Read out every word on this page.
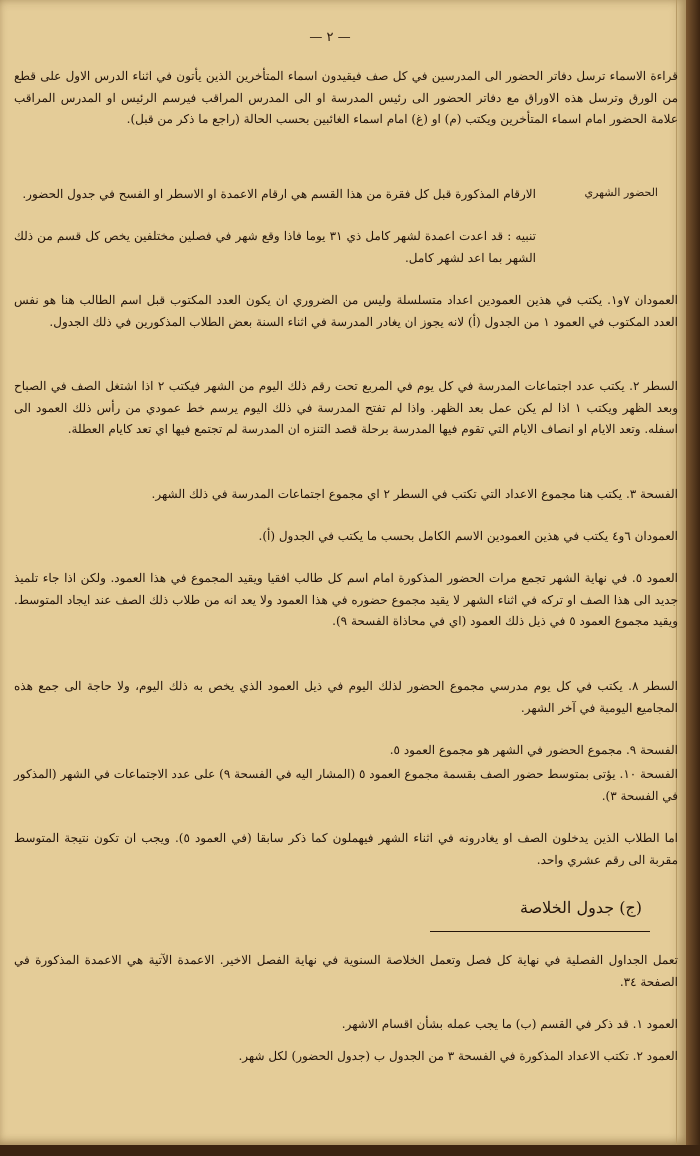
— ٢ —
قراءة الاسماء ترسل دفاتر الحضور الى المدرسين في كل صف فيقيدون اسماء المتأخرين الذين يأتون في اثناء الدرس الاول على قطع من الورق وترسل هذه الاوراق مع دفاتر الحضور الى رئيس المدرسة او الى المدرس المراقب فيرسم الرئيس او المدرس المراقب علامة الحضور امام اسماء المتأخرين ويكتب (م) او (غ) امام اسماء الغائبين بحسب الحالة (راجع ما ذكر من قبل).
الحضور الشهري
الارقام المذكورة قبل كل فقرة من هذا القسم هي ارقام الاعمدة او الاسطر او الفسح في جدول الحضور.
تنبيه : قد اعدت اعمدة لشهر كامل ذي ٣١ يوما فاذا وقع شهر في فصلين مختلفين يخص كل قسم من ذلك الشهر بما اعد لشهر كامل.
العمودان ٧و١. يكتب في هذين العمودين اعداد متسلسلة وليس من الضروري ان يكون العدد المكتوب قبل اسم الطالب هنا هو نفس العدد المكتوب في العمود ١ من الجدول (أ) لانه يجوز ان يغادر المدرسة في اثناء السنة بعض الطلاب المذكورين في ذلك الجدول.
السطر ٢. يكتب عدد اجتماعات المدرسة في كل يوم في المربع تحت رقم ذلك اليوم من الشهر فيكتب ٢ اذا اشتغل الصف في الصباح وبعد الظهر ويكتب ١ اذا لم يكن عمل بعد الظهر. واذا لم تفتح المدرسة في ذلك اليوم يرسم خط عمودي من رأس ذلك العمود الى اسفله. وتعد الايام او انصاف الايام التي تقوم فيها المدرسة برحلة قصد التنزه ان المدرسة لم تجتمع فيها اي تعد كايام العطلة.
الفسحة ٣. يكتب هنا مجموع الاعداد التي تكتب في السطر ٢ اي مجموع اجتماعات المدرسة في ذلك الشهر.
العمودان ٦و٤ يكتب في هذين العمودين الاسم الكامل بحسب ما يكتب في الجدول (أ).
العمود ٥. في نهاية الشهر تجمع مرات الحضور المذكورة امام اسم كل طالب افقيا ويقيد المجموع في هذا العمود. ولكن اذا جاء تلميذ جديد الى هذا الصف او تركه في اثناء الشهر لا يقيد مجموع حضوره في هذا العمود ولا يعد انه من طلاب ذلك الصف عند ايجاد المتوسط. ويقيد مجموع العمود ٥ في ذيل ذلك العمود (اي في محاذاة الفسحة ٩).
السطر ٨. يكتب في كل يوم مدرسي مجموع الحضور لذلك اليوم في ذيل العمود الذي يخص به ذلك اليوم، ولا حاجة الى جمع هذه المجاميع اليومية في آخر الشهر.
الفسحة ٩. مجموع الحضور في الشهر هو مجموع العمود ٥.
الفسحة ١٠. يؤتى بمتوسط حضور الصف بقسمة مجموع العمود ٥ (المشار اليه في الفسحة ٩) على عدد الاجتماعات في الشهر (المذكور في الفسحة ٣).
اما الطلاب الذين يدخلون الصف او يغادرونه في اثناء الشهر فيهملون كما ذكر سابقا (في العمود ٥). ويجب ان تكون نتيجة المتوسط مقربة الى رقم عشري واحد.
(ج) جدول الخلاصة
تعمل الجداول الفصلية في نهاية كل فصل وتعمل الخلاصة السنوية في نهاية الفصل الاخير. الاعمدة الآتية هي الاعمدة المذكورة في الصفحة ٣٤.
العمود ١. قد ذكر في القسم (ب) ما يجب عمله بشأن اقسام الاشهر.
العمود ٢. تكتب الاعداد المذكورة في الفسحة ٣ من الجدول ب (جدول الحضور) لكل شهر.
